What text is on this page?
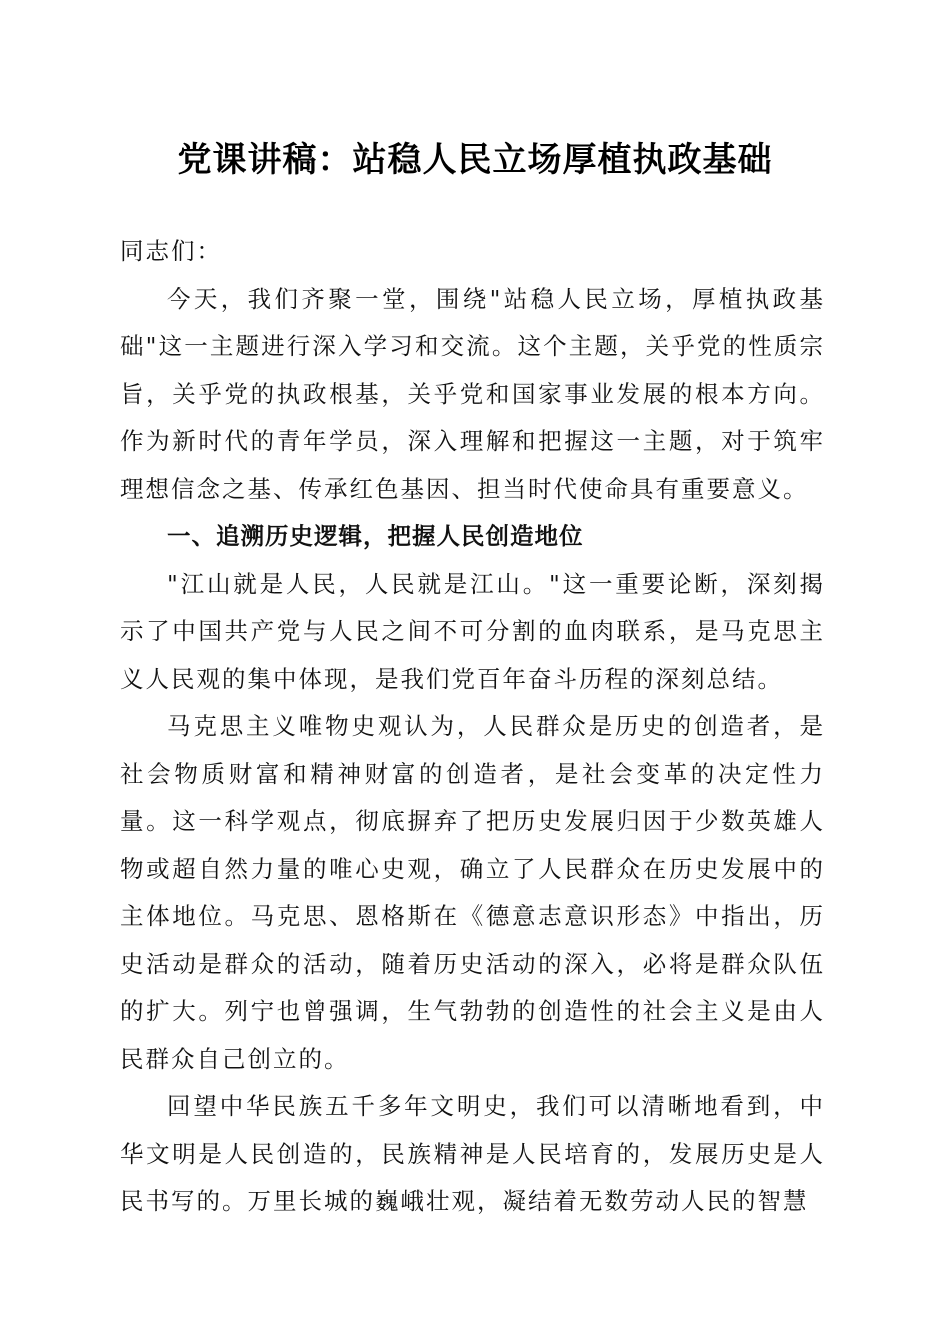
党课讲稿：站稳人民立场厚植执政基础

同志们：

今天，我们齐聚一堂，围绕"站稳人民立场，厚植执政基础"这一主题进行深入学习和交流。这个主题，关乎党的性质宗旨，关乎党的执政根基，关乎党和国家事业发展的根本方向。作为新时代的青年学员，深入理解和把握这一主题，对于筑牢理想信念之基、传承红色基因、担当时代使命具有重要意义。

一、追溯历史逻辑，把握人民创造地位

"江山就是人民，人民就是江山。"这一重要论断，深刻揭示了中国共产党与人民之间不可分割的血肉联系，是马克思主义人民观的集中体现，是我们党百年奋斗历程的深刻总结。

马克思主义唯物史观认为，人民群众是历史的创造者，是社会物质财富和精神财富的创造者，是社会变革的决定性力量。这一科学观点，彻底摒弃了把历史发展归因于少数英雄人物或超自然力量的唯心史观，确立了人民群众在历史发展中的主体地位。马克思、恩格斯在《德意志意识形态》中指出，历史活动是群众的活动，随着历史活动的深入，必将是群众队伍的扩大。列宁也曾强调，生气勃勃的创造性的社会主义是由人民群众自己创立的。

回望中华民族五千多年文明史，我们可以清晰地看到，中华文明是人民创造的，民族精神是人民培育的，发展历史是人民书写的。万里长城的巍峨壮观，凝结着无数劳动人民的智慧
